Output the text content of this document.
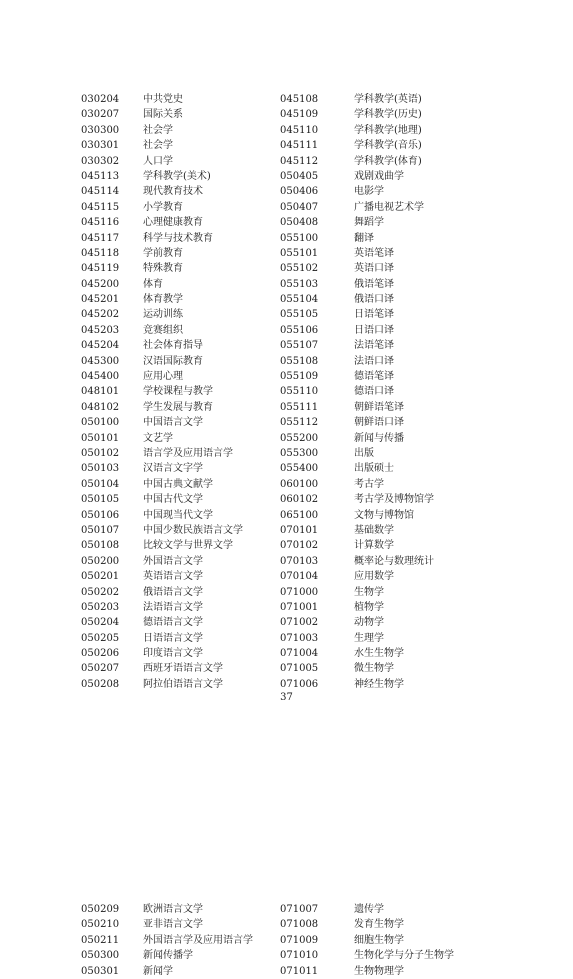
030204 中共党史	045108	学科教学(英语)
030207 国际关系	045109	学科教学(历史)
030300 社会学	045110	学科教学(地理)
030301 社会学	045111	学科教学(音乐)
030302 人口学	045112	学科教学(体育)
045113 学科教学(美术)	050405	戏剧戏曲学
045114 现代教育技术	050406	电影学
045115 小学教育	050407	广播电视艺术学
045116 心理健康教育	050408	舞蹈学
045117 科学与技术教育	055100	翻译
045118 学前教育	055101	英语笔译
045119 特殊教育	055102	英语口译
045200 体育	055103	俄语笔译
045201 体育教学	055104	俄语口译
045202 运动训练	055105	日语笔译
045203 竞赛组织	055106	日语口译
045204 社会体育指导	055107	法语笔译
045300 汉语国际教育	055108	法语口译
045400 应用心理	055109	德语笔译
048101 学校课程与教学	055110	德语口译
048102 学生发展与教育	055111	朝鲜语笔译
050100 中国语言文学	055112	朝鲜语口译
050101 文艺学	055200	新闻与传播
050102 语言学及应用语言学	055300	出版
050103 汉语言文字学	055400	出版硕士
050104 中国古典文献学	060100	考古学
050105 中国古代文学	060102	考古学及博物馆学
050106 中国现当代文学	065100	文物与博物馆
050107 中国少数民族语言文学	070101	基础数学
050108 比较文学与世界文学	070102	计算数学
050200 外国语言文学	070103	概率论与数理统计
050201 英语语言文学	070104	应用数学
050202 俄语语言文学	071000	生物学
050203 法语语言文学	071001	植物学
050204 德语语言文学	071002	动物学
050205 日语语言文学	071003	生理学
050206 印度语言文学	071004	水生生物学
050207 西班牙语语言文学	071005	微生物学
050208 阿拉伯语语言文学	071006	神经生物学
37
050209 欧洲语言文学	071007	遗传学
050210 亚非语言文学	071008	发育生物学
050211 外国语言学及应用语言学	071009	细胞生物学
050300 新闻传播学	071010	生物化学与分子生物学
050301 新闻学	071011	生物物理学
